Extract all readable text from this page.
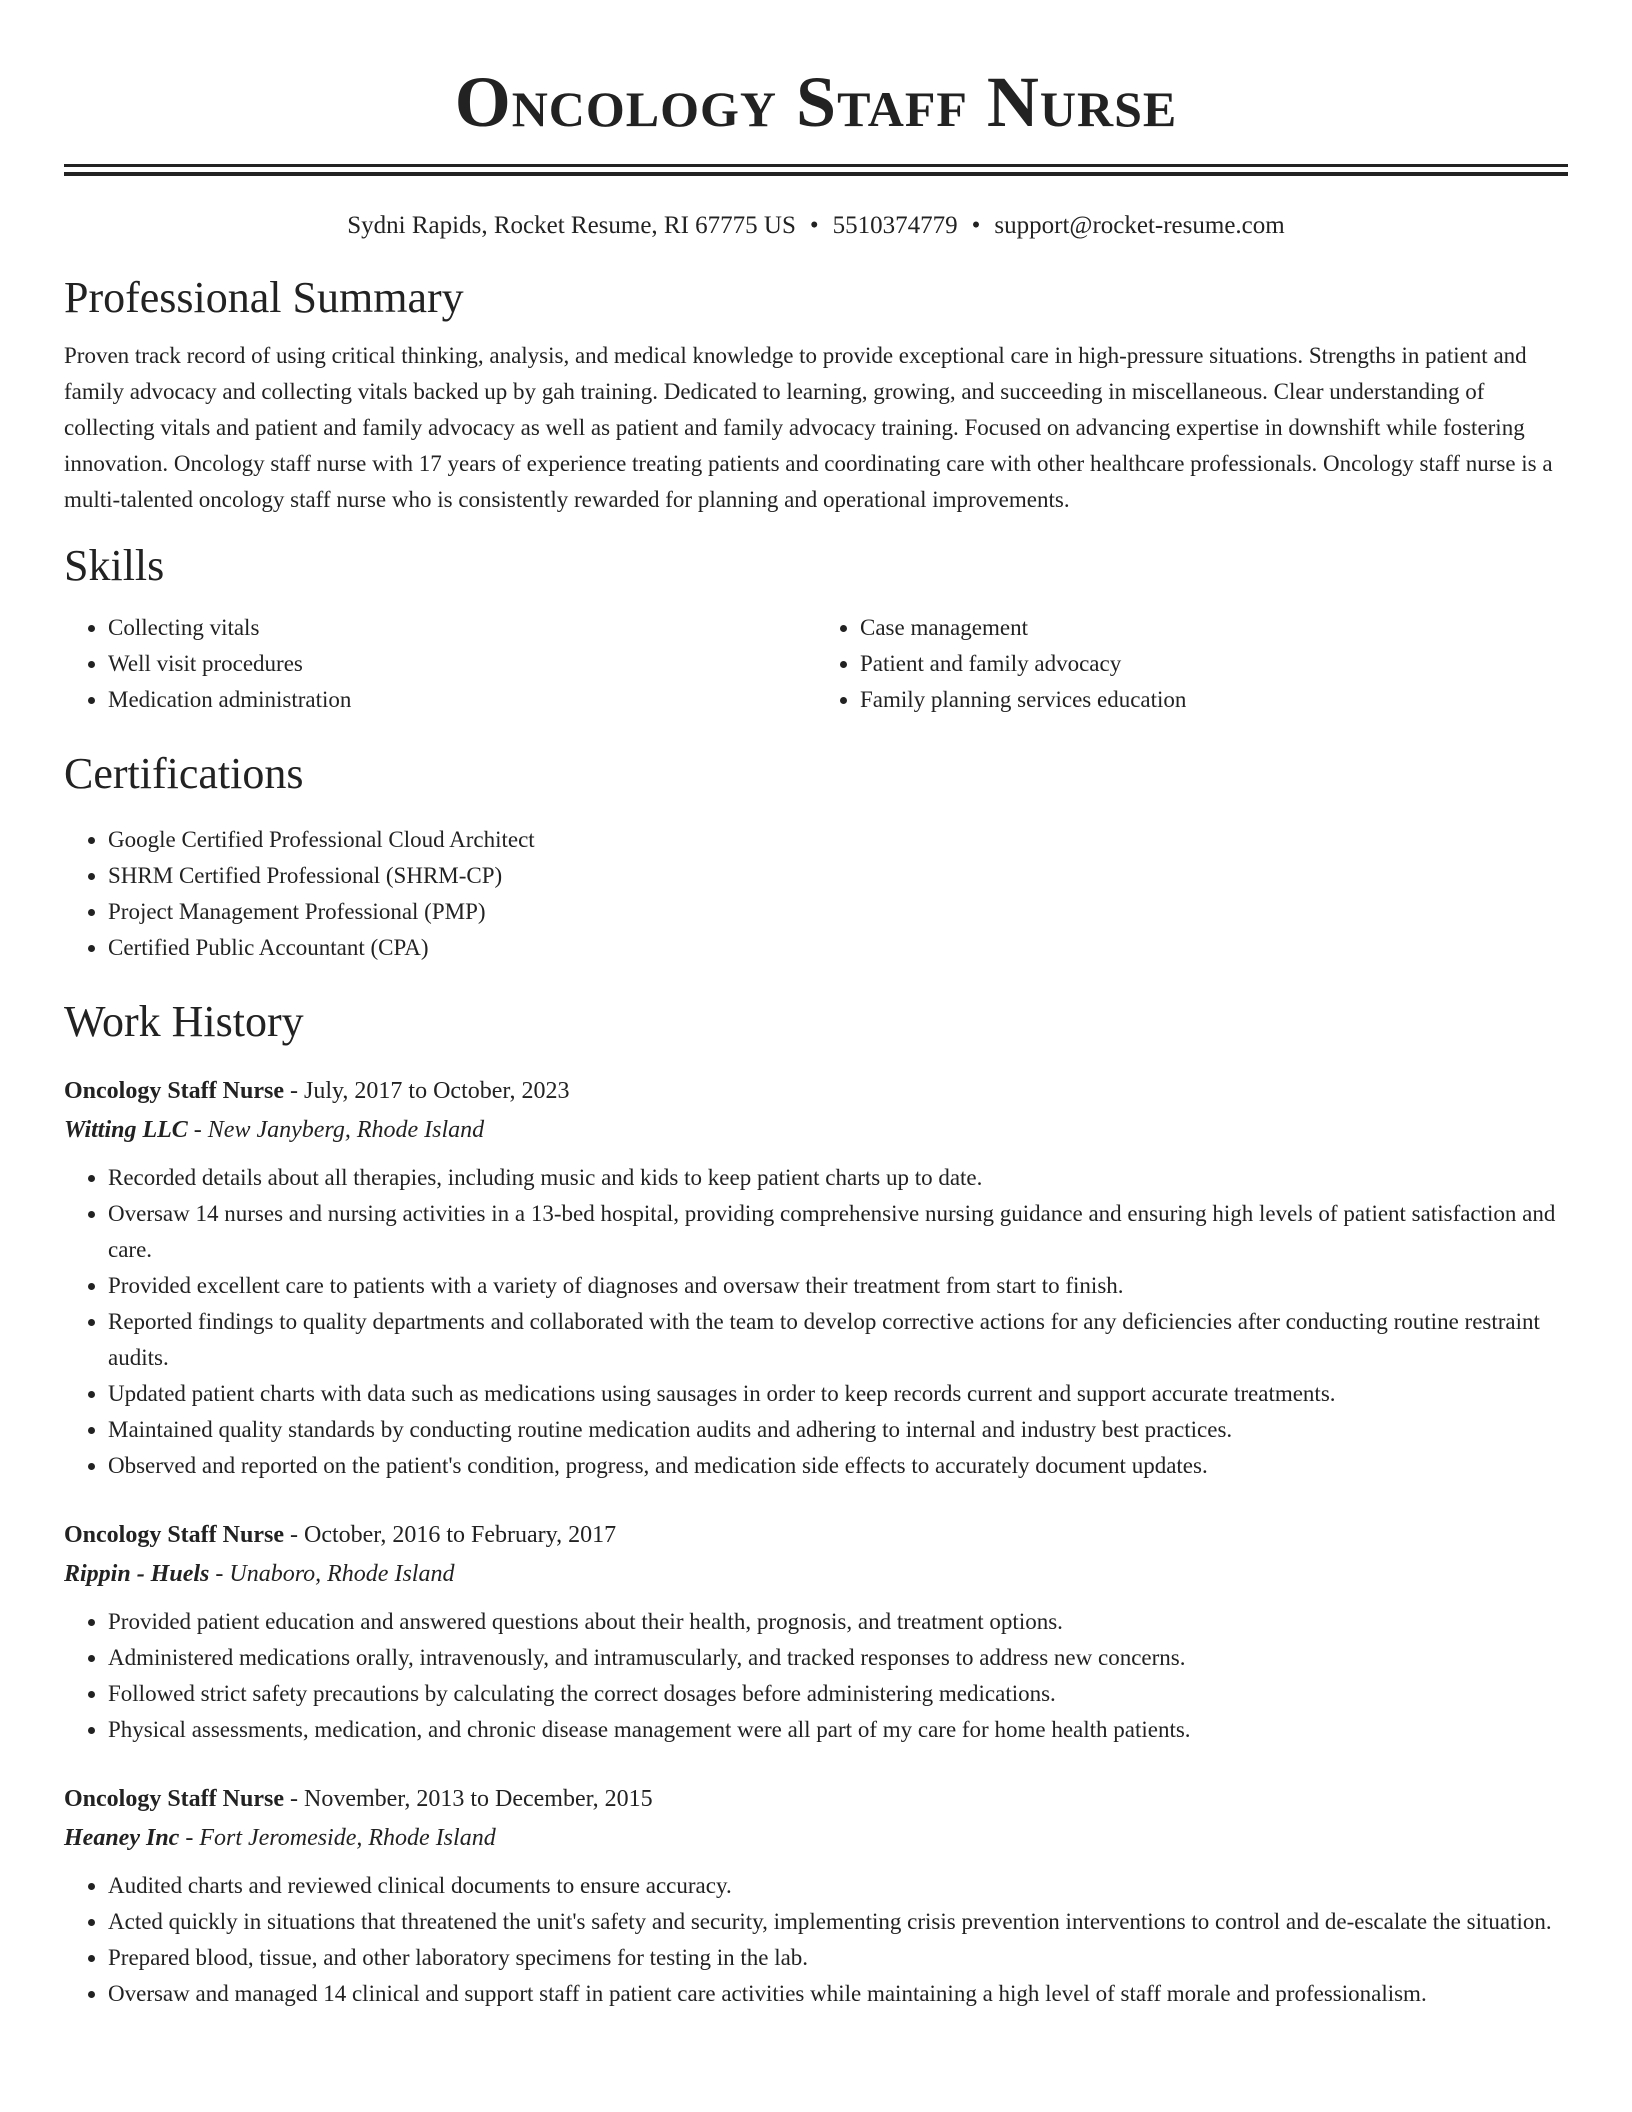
Oncology Staff Nurse
Sydni Rapids, Rocket Resume, RI 67775 US • 5510374779 • support@rocket-resume.com
Professional Summary

Proven track record of using critical thinking, analysis, and medical knowledge to provide exceptional care in high-pressure situations. Strengths in patient and family advocacy and collecting vitals backed up by gah training. Dedicated to learning, growing, and succeeding in miscellaneous. Clear understanding of collecting vitals and patient and family advocacy as well as patient and family advocacy training. Focused on advancing expertise in downshift while fostering innovation. Oncology staff nurse with 17 years of experience treating patients and coordinating care with other healthcare professionals. Oncology staff nurse is a multi-talented oncology staff nurse who is consistently rewarded for planning and operational improvements.

Skills
• Collecting vitals
• Well visit procedures
• Medication administration
• Case management
• Patient and family advocacy
• Family planning services education
Certifications
• Google Certified Professional Cloud Architect
• SHRM Certified Professional (SHRM-CP)
• Project Management Professional (PMP)
• Certified Public Accountant (CPA)
Work History
Oncology Staff Nurse - July, 2017 to October, 2023
Witting LLC - New Janyberg, Rhode Island
• Recorded details about all therapies, including music and kids to keep patient charts up to date.
• Oversaw 14 nurses and nursing activities in a 13-bed hospital, providing comprehensive nursing guidance and ensuring high levels of patient satisfaction and care.
• Provided excellent care to patients with a variety of diagnoses and oversaw their treatment from start to finish.
• Reported findings to quality departments and collaborated with the team to develop corrective actions for any deficiencies after conducting routine restraint audits.
• Updated patient charts with data such as medications using sausages in order to keep records current and support accurate treatments.
• Maintained quality standards by conducting routine medication audits and adhering to internal and industry best practices.
• Observed and reported on the patient's condition, progress, and medication side effects to accurately document updates.
Oncology Staff Nurse - October, 2016 to February, 2017
Rippin - Huels - Unaboro, Rhode Island
• Provided patient education and answered questions about their health, prognosis, and treatment options.
• Administered medications orally, intravenously, and intramuscularly, and tracked responses to address new concerns.
• Followed strict safety precautions by calculating the correct dosages before administering medications.
• Physical assessments, medication, and chronic disease management were all part of my care for home health patients.
Oncology Staff Nurse - November, 2013 to December, 2015
Heaney Inc - Fort Jeromeside, Rhode Island
• Audited charts and reviewed clinical documents to ensure accuracy.
• Acted quickly in situations that threatened the unit's safety and security, implementing crisis prevention interventions to control and de-escalate the situation.
• Prepared blood, tissue, and other laboratory specimens for testing in the lab.
• Oversaw and managed 14 clinical and support staff in patient care activities while maintaining a high level of staff morale and professionalism.
